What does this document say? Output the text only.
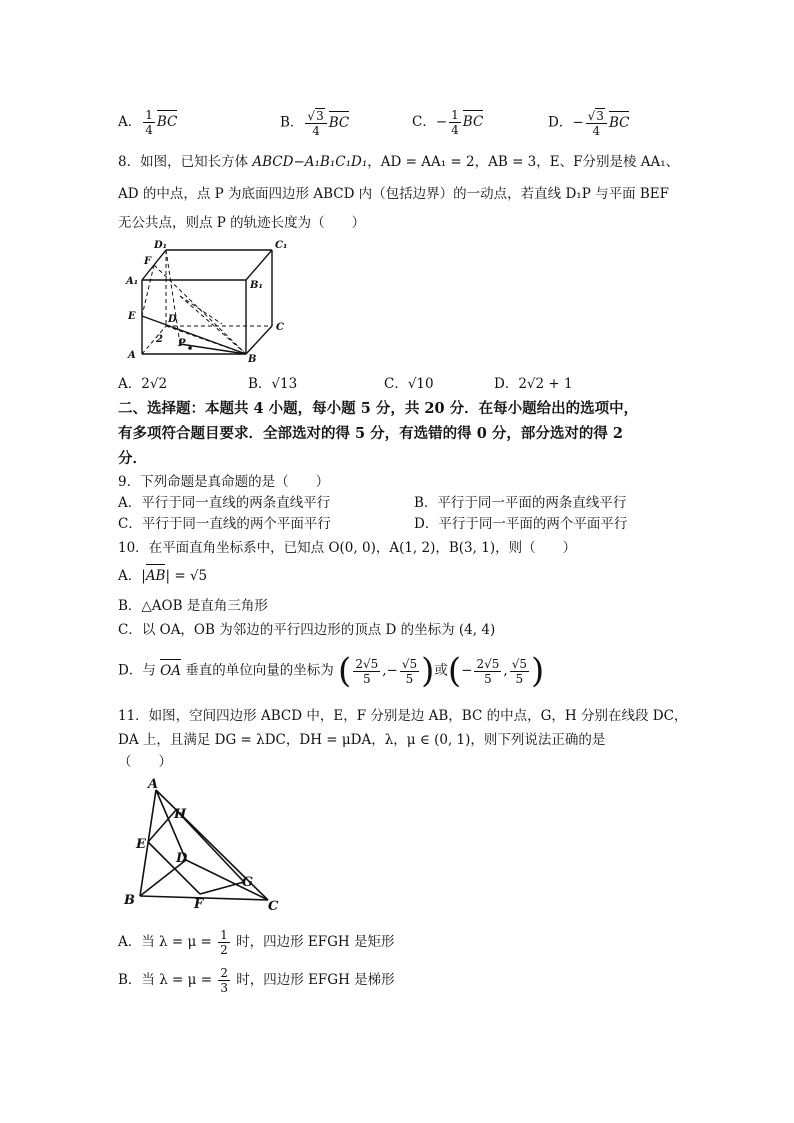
A． $\frac{1}{4}$ BC	B． $\frac{√3}{4}$ BC	C．− $\frac{1}{4}$ BC	D．− $\frac{√3}{4}$ BC
8．如图，已知长方体 ABCD−A₁B₁C₁D₁，AD = AA₁ = 2，AB = 3，E、F分别是棱 AA₁、
AD 的中点，点 P 为底面四边形 ABCD 内（包括边界）的一动点，若直线 D₁P 与平面 BEF
无公共点，则点 P 的轨迹长度为（　　）
D₁	C₁
F
A₁	B₁
E	D
C
2 P
A	B
A．2√2	B．√13	C．√10	D．2√2 + 1
二、选择题：本题共 4 小题，每小题 5 分，共 20 分．在每小题给出的选项中，
有多项符合题目要求．全部选对的得 5 分，有选错的得 0 分，部分选对的得 2
分．
9．下列命题是真命题的是（　　）
A．平行于同一直线的两条直线平行	B．平行于同一平面的两条直线平行
C．平行于同一直线的两个平面平行	D．平行于同一平面的两个平面平行
10．在平面直角坐标系中，已知点 O(0, 0)，A(1, 2)，B(3, 1)，则（　　）
A．|AB| = √5
B．△AOB 是直角三角形
C．以 OA，OB 为邻边的平行四边形的顶点 D 的坐标为 (4, 4)
D．与 OA 垂直的单位向量的坐标为 ( $\frac{2√5}{5}$ ,− $\frac{√5}{5}$ )或(− $\frac{2√5}{5}$ , $\frac{√5}{5}$ )
11．如图，空间四边形 ABCD 中，E，F 分别是边 AB，BC 的中点，G，H 分别在线段 DC，
DA 上，且满足 DG = λDC，DH = μDA，λ，μ ∈ (0, 1)，则下列说法正确的是
（　　）
A
H
E
D
G
B	F	C
A．当 $\lambda = \mu = \frac{1}{2}$ 时，四边形 EFGH 是矩形
B．当 $\lambda = \mu = \frac{2}{3}$ 时，四边形 EFGH 是梯形
